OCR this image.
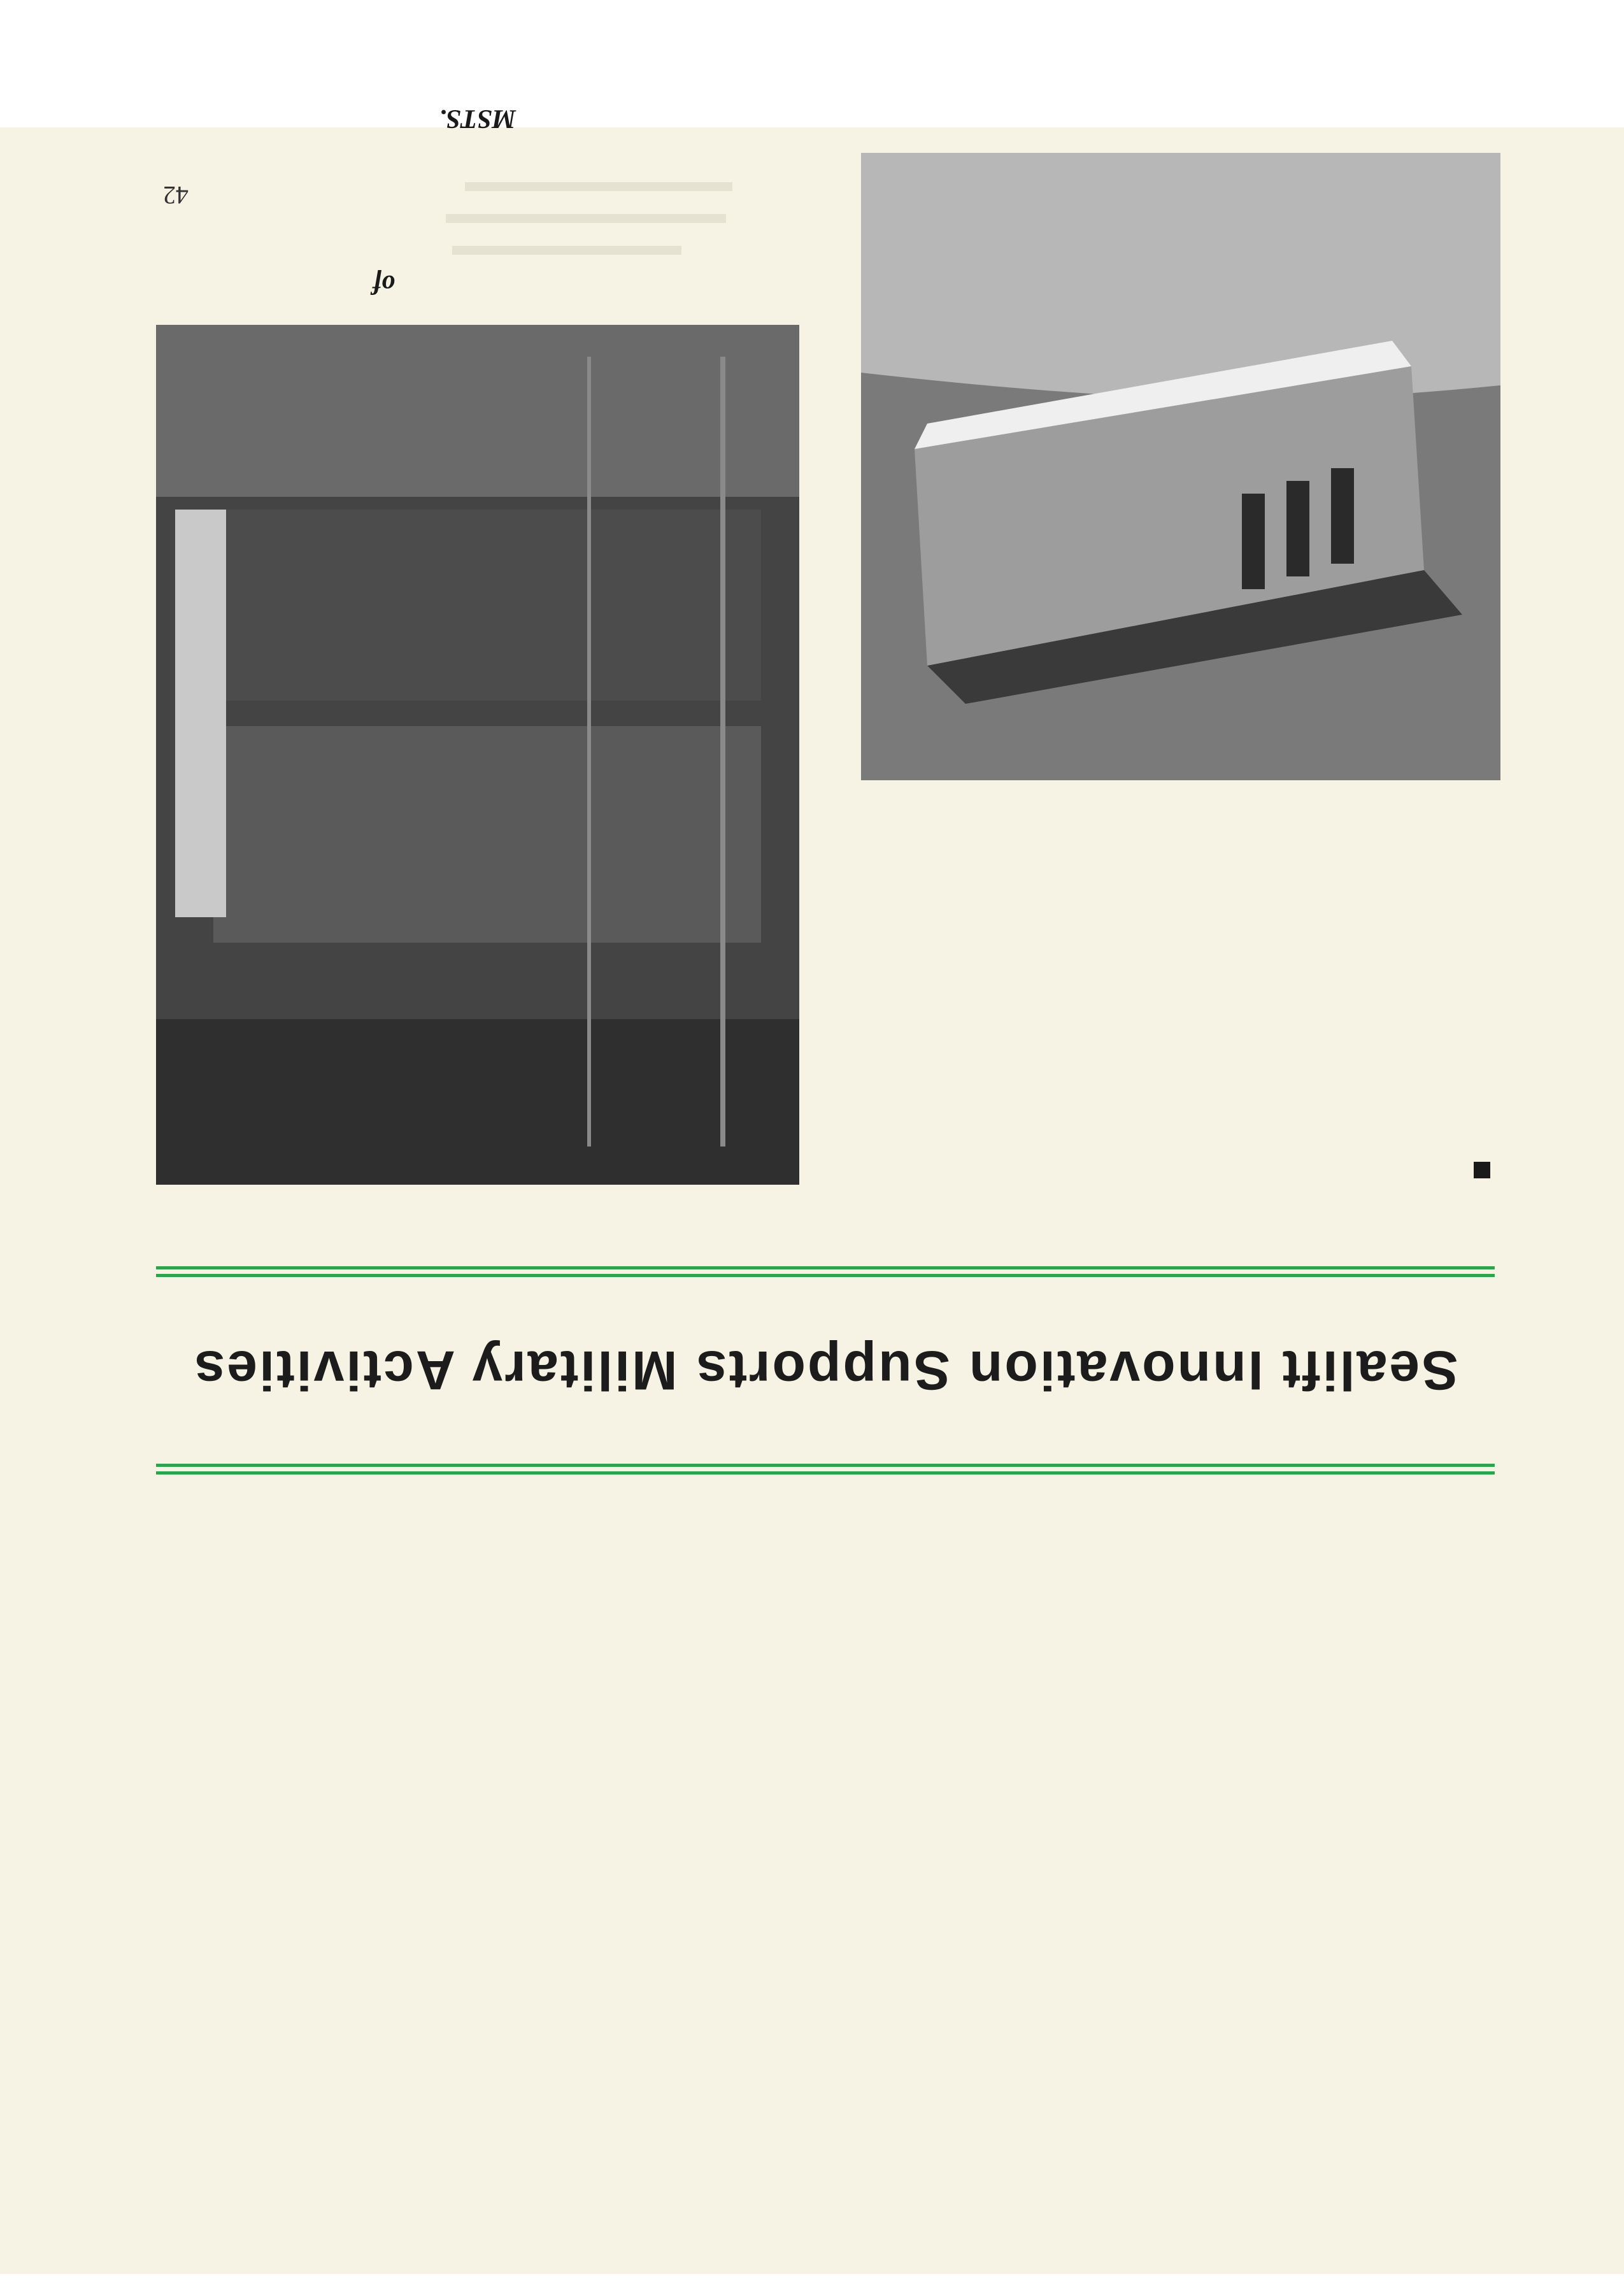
42
Sealift Innovation Supports Military Activities
of
MSTS.
